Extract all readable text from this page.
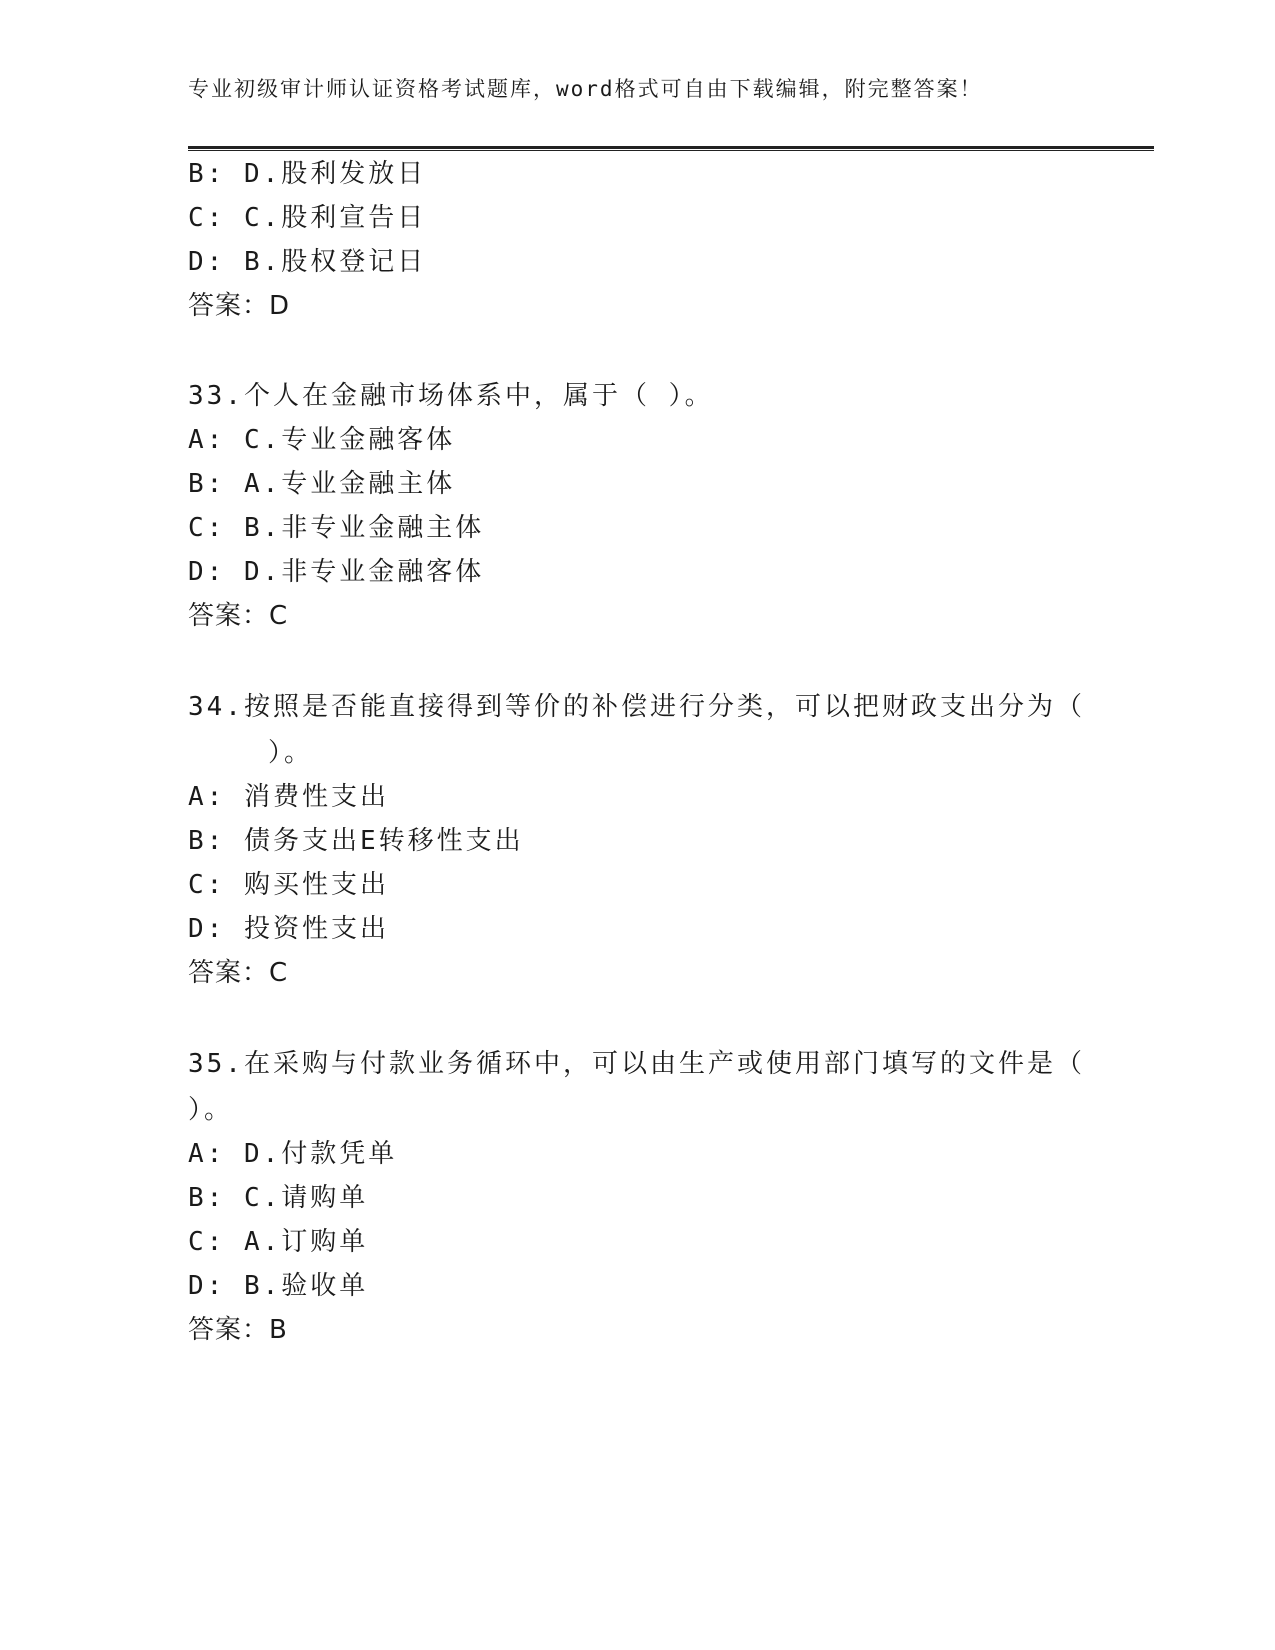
专业初级审计师认证资格考试题库，word格式可自由下载编辑，附完整答案！
B: D.股利发放日
C: C.股利宣告日
D: B.股权登记日
答案：D
33.个人在金融市场体系中，属于（ ）。
A: C.专业金融客体
B: A.专业金融主体
C: B.非专业金融主体
D: D.非专业金融客体
答案：C
34.按照是否能直接得到等价的补偿进行分类，可以把财政支出分为（
）。
A: 消费性支出
B: 债务支出E转移性支出
C: 购买性支出
D: 投资性支出
答案：C
35.在采购与付款业务循环中，可以由生产或使用部门填写的文件是（
）。
A: D.付款凭单
B: C.请购单
C: A.订购单
D: B.验收单
答案：B
